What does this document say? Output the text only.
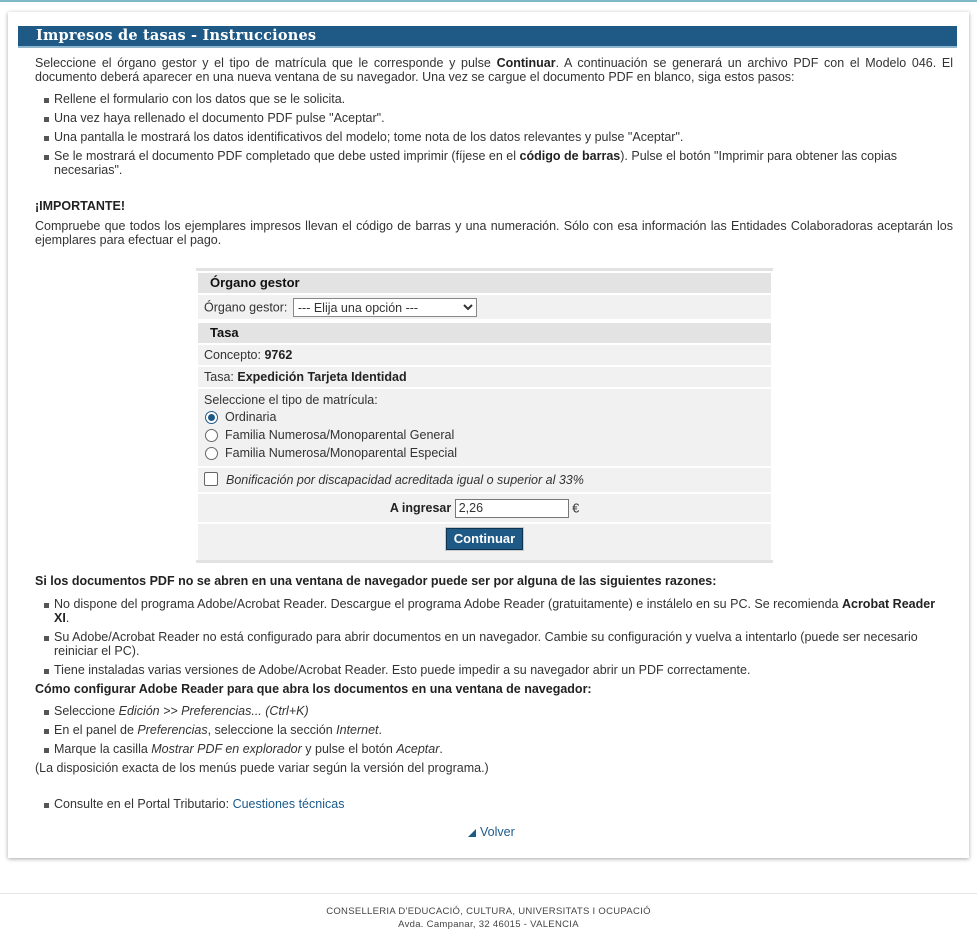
Impresos de tasas - Instrucciones

Seleccione el órgano gestor y el tipo de matrícula que le corresponde y pulse Continuar. A continuación se generará un archivo PDF con el Modelo 046. El documento deberá aparecer en una nueva ventana de su navegador. Una vez se cargue el documento PDF en blanco, siga estos pasos:

Rellene el formulario con los datos que se le solicita.
Una vez haya rellenado el documento PDF pulse "Aceptar".
Una pantalla le mostrará los datos identificativos del modelo; tome nota de los datos relevantes y pulse "Aceptar".
Se le mostrará el documento PDF completado que debe usted imprimir (fíjese en el código de barras). Pulse el botón "Imprimir para obtener las copias necesarias".

¡IMPORTANTE!

Compruebe que todos los ejemplares impresos llevan el código de barras y una numeración. Sólo con esa información las Entidades Colaboradoras aceptarán los ejemplares para efectuar el pago.

Órgano gestor
Órgano gestor:
--- Elija una opción ---
Tasa
Concepto: 9762
Tasa: Expedición Tarjeta Identidad
Seleccione el tipo de matrícula:
Ordinaria
Familia Numerosa/Monoparental General
Familia Numerosa/Monoparental Especial
Bonificación por discapacidad acreditada igual o superior al 33%
A ingresar 2,26	€
Continuar

Si los documentos PDF no se abren en una ventana de navegador puede ser por alguna de las siguientes razones:

No dispone del programa Adobe/Acrobat Reader. Descargue el programa Adobe Reader (gratuitamente) e instálelo en su PC. Se recomienda Acrobat Reader XI.
Su Adobe/Acrobat Reader no está configurado para abrir documentos en un navegador. Cambie su configuración y vuelva a intentarlo (puede ser necesario reiniciar el PC).
Tiene instaladas varias versiones de Adobe/Acrobat Reader. Esto puede impedir a su navegador abrir un PDF correctamente.

Cómo configurar Adobe Reader para que abra los documentos en una ventana de navegador:

Seleccione Edición >> Preferencias... (Ctrl+K)
En el panel de Preferencias, seleccione la sección Internet.
Marque la casilla Mostrar PDF en explorador y pulse el botón Aceptar.

(La disposición exacta de los menús puede variar según la versión del programa.)

Consulte en el Portal Tributario: Cuestiones técnicas
Volver
CONSELLERIA D'EDUCACIÓ, CULTURA, UNIVERSITATS I OCUPACIÓ
Avda. Campanar, 32 46015 - VALENCIA
